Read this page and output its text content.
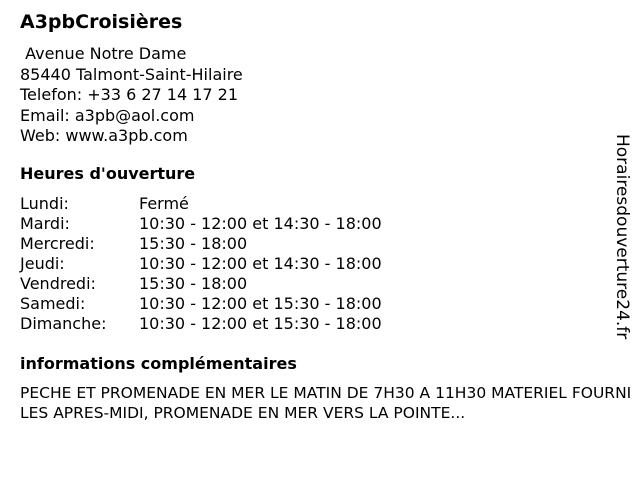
A3pbCroisières
Avenue Notre Dame
85440 Talmont-Saint-Hilaire
Telefon: +33 6 27 14 17 21
Email: a3pb@aol.com
Web: www.a3pb.com
Heures d'ouverture
Lundi:	Fermé
Mardi:	10:30 - 12:00 et 14:30 - 18:00
Mercredi:	15:30 - 18:00
Jeudi:	10:30 - 12:00 et 14:30 - 18:00
Vendredi:	15:30 - 18:00
Samedi:	10:30 - 12:00 et 15:30 - 18:00
Dimanche: 10:30 - 12:00 et 15:30 - 18:00
informations complémentaires
PECHE ET PROMENADE EN MER LE MATIN DE 7H30 A 11H30 MATERIEL FOURNI LES APRES-MIDI, PROMENADE EN MER VERS LA POINTE...
Horairesdouverture24.fr
